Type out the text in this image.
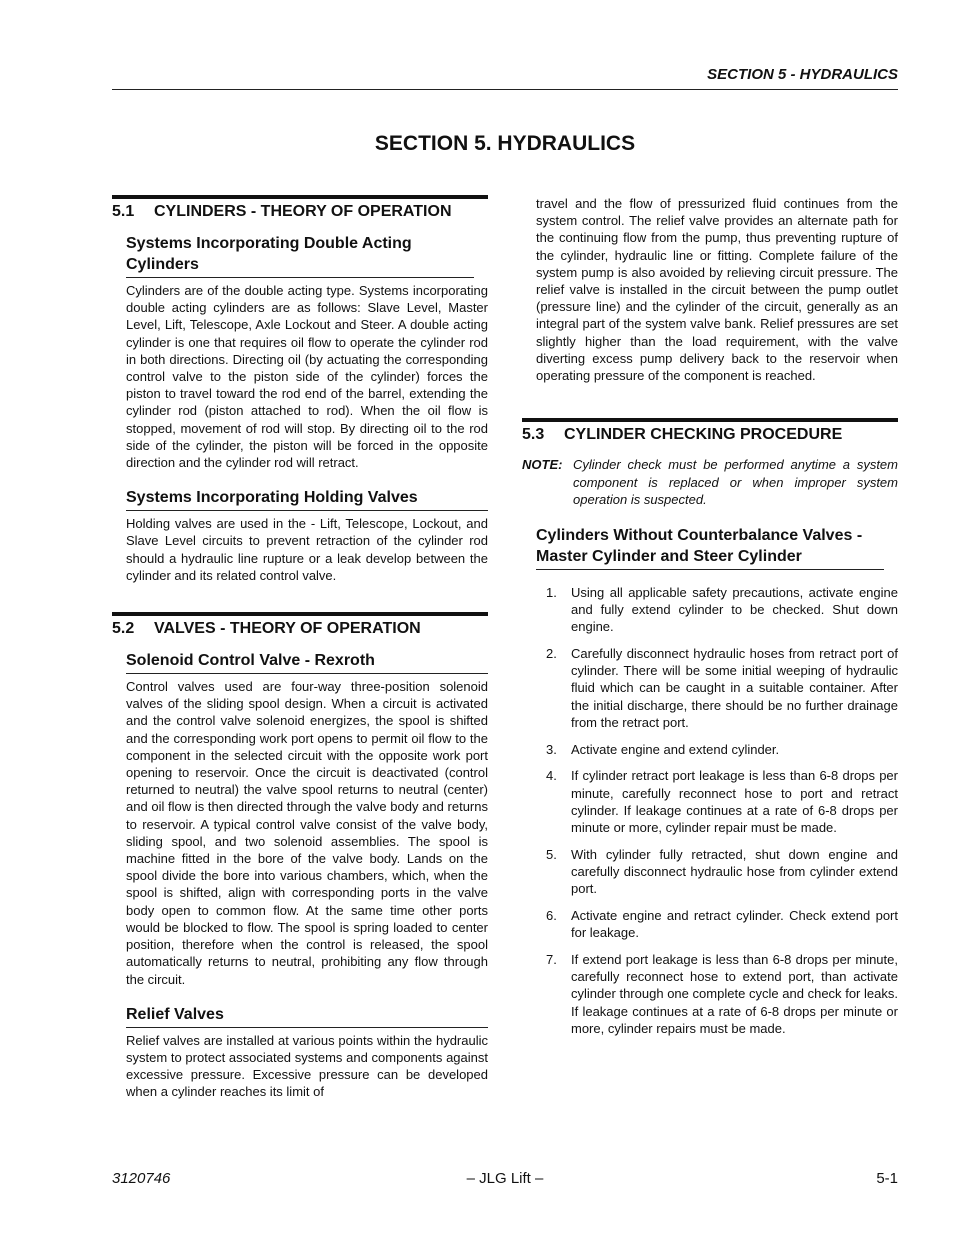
SECTION 5 - HYDRAULICS
SECTION 5. HYDRAULICS
5.1 CYLINDERS - THEORY OF OPERATION
Systems Incorporating Double Acting Cylinders

Cylinders are of the double acting type. Systems incorporating double acting cylinders are as follows: Slave Level, Master Level, Lift, Telescope, Axle Lockout and Steer. A double acting cylinder is one that requires oil flow to operate the cylinder rod in both directions. Directing oil (by actuating the corresponding control valve to the piston side of the cylinder) forces the piston to travel toward the rod end of the barrel, extending the cylinder rod (piston attached to rod). When the oil flow is stopped, movement of rod will stop. By directing oil to the rod side of the cylinder, the piston will be forced in the opposite direction and the cylinder rod will retract.

Systems Incorporating Holding Valves

Holding valves are used in the - Lift, Telescope, Lockout, and Slave Level circuits to prevent retraction of the cylinder rod should a hydraulic line rupture or a leak develop between the cylinder and its related control valve.

5.2 VALVES - THEORY OF OPERATION
Solenoid Control Valve - Rexroth

Control valves used are four-way three-position solenoid valves of the sliding spool design. When a circuit is activated and the control valve solenoid energizes, the spool is shifted and the corresponding work port opens to permit oil flow to the component in the selected circuit with the opposite work port opening to reservoir. Once the circuit is deactivated (control returned to neutral) the valve spool returns to neutral (center) and oil flow is then directed through the valve body and returns to reservoir. A typical control valve consist of the valve body, sliding spool, and two solenoid assemblies. The spool is machine fitted in the bore of the valve body. Lands on the spool divide the bore into various chambers, which, when the spool is shifted, align with corresponding ports in the valve body open to common flow. At the same time other ports would be blocked to flow. The spool is spring loaded to center position, therefore when the control is released, the spool automatically returns to neutral, prohibiting any flow through the circuit.

Relief Valves

Relief valves are installed at various points within the hydraulic system to protect associated systems and components against excessive pressure. Excessive pressure can be developed when a cylinder reaches its limit of

travel and the flow of pressurized fluid continues from the system control. The relief valve provides an alternate path for the continuing flow from the pump, thus preventing rupture of the cylinder, hydraulic line or fitting. Complete failure of the system pump is also avoided by relieving circuit pressure. The relief valve is installed in the circuit between the pump outlet (pressure line) and the cylinder of the circuit, generally as an integral part of the system valve bank. Relief pressures are set slightly higher than the load requirement, with the valve diverting excess pump delivery back to the reservoir when operating pressure of the component is reached.

5.3 CYLINDER CHECKING PROCEDURE
NOTE: Cylinder check must be performed anytime a system component is replaced or when improper system operation is suspected.
Cylinders Without Counterbalance Valves - Master Cylinder and Steer Cylinder
1.	Using all applicable safety precautions, activate engine and fully extend cylinder to be checked. Shut down engine.
2.	Carefully disconnect hydraulic hoses from retract port of cylinder. There will be some initial weeping of hydraulic fluid which can be caught in a suitable container. After the initial discharge, there should be no further drainage from the retract port.
3.	Activate engine and extend cylinder.
4.	If cylinder retract port leakage is less than 6-8 drops per minute, carefully reconnect hose to port and retract cylinder. If leakage continues at a rate of 6-8 drops per minute or more, cylinder repair must be made.
5.	With cylinder fully retracted, shut down engine and carefully disconnect hydraulic hose from cylinder extend port.
6.	Activate engine and retract cylinder. Check extend port for leakage.
7.	If extend port leakage is less than 6-8 drops per minute, carefully reconnect hose to extend port, than activate cylinder through one complete cycle and check for leaks. If leakage continues at a rate of 6-8 drops per minute or more, cylinder repairs must be made.
3120746	– JLG Lift –	5-1
